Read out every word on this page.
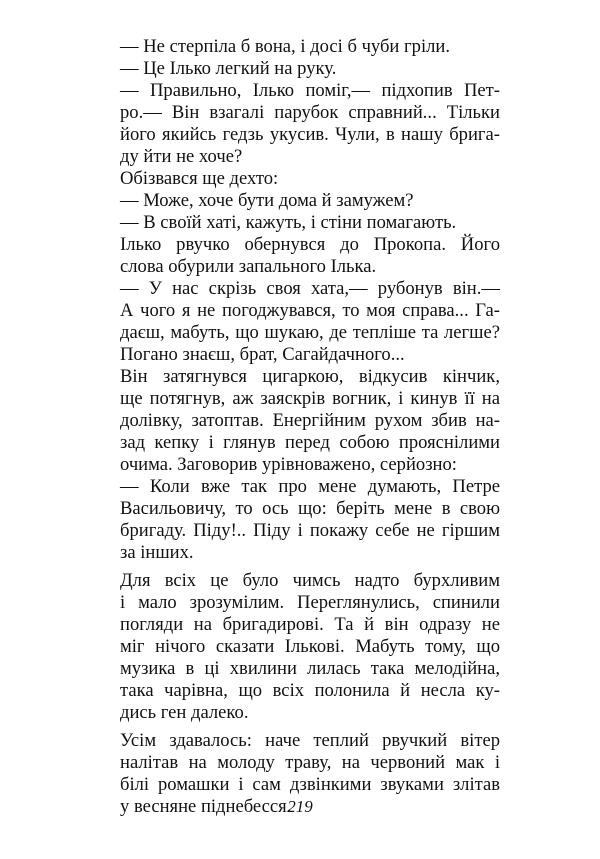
— Не стерпіла б вона, і досі б чуби гріли.
— Це Ілько легкий на руку.
— Правильно, Ілько поміг,— підхопив Пет-
ро.— Він взагалі парубок справний... Тільки
його якийсь гедзь укусив. Чули, в нашу брига-
ду йти не хоче?
Обізвався ще дехто:
— Може, хоче бути дома й замужем?
— В своїй хаті, кажуть, і стіни помагають.
Ілько рвучко обернувся до Прокопа. Його
слова обурили запального Ілька.
— У нас скрізь своя хата,— рубонув він.—
А чого я не погоджувався, то моя справа... Га-
даєш, мабуть, що шукаю, де тепліше та легше?
Погано знаєш, брат, Сагайдачного...
Він затягнувся цигаркою, відкусив кінчик,
ще потягнув, аж заяскрів вогник, і кинув її на
долівку, затоптав. Енергійним рухом збив на-
зад кепку і глянув перед собою прояснілими
очима. Заговорив урівноважено, серйозно:
— Коли вже так про мене думають, Петре
Васильовичу, то ось що: беріть мене в свою
бригаду. Піду!.. Піду і покажу себе не гіршим
за інших.
Для всіх це було чимсь надто бурхливим
і мало зрозумілим. Переглянулись, спинили
погляди на бригадирові. Та й він одразу не
міг нічого сказати Ількові. Мабуть тому, що
музика в ці хвилини лилась така мелодійна,
така чарівна, що всіх полонила й несла ку-
дись ген далеко.
Усім здавалось: наче теплий рвучкий вітер
налітав на молоду траву, на червоний мак і
білі ромашки і сам дзвінкими звуками злітав
у весняне піднебесся.
219
